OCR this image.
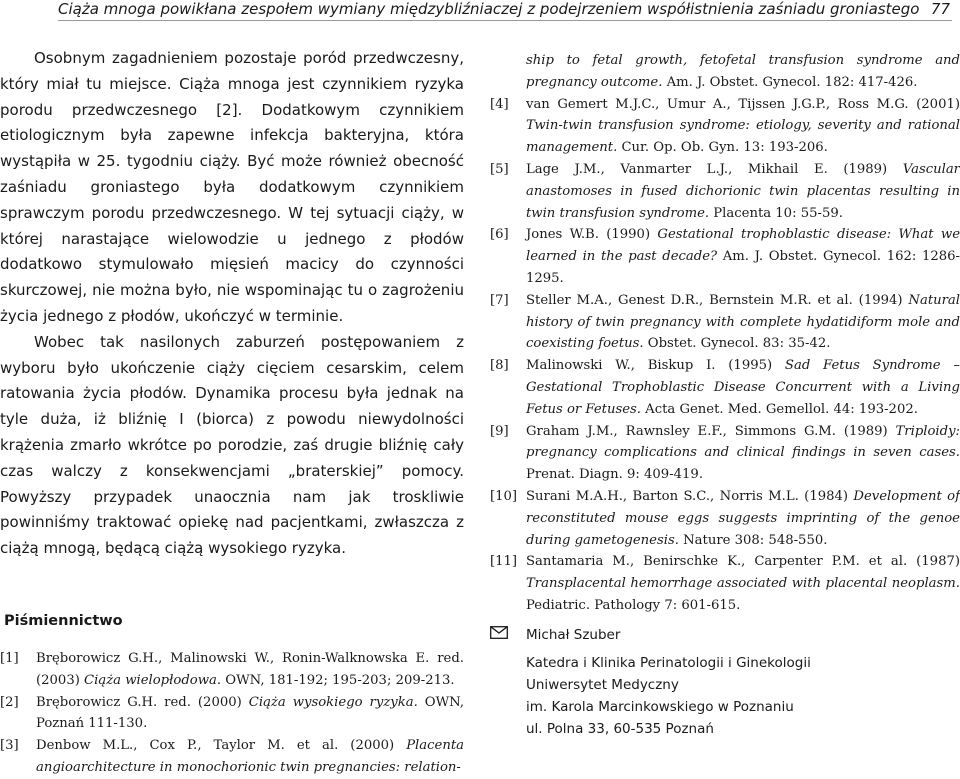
Ciąża mnoga powikłana zespołem wymiany międzybliźniaczej z podejrzeniem współistnienia zaśniadu groniastego 77

Osobnym zagadnieniem pozostaje poród przedwczesny, który miał tu miejsce. Ciąża mnoga jest czynnikiem ryzyka porodu przedwczesnego [2]. Dodatkowym czynnikiem etiologicznym była zapewne infekcja bakteryjna, która wystąpiła w 25. tygodniu ciąży. Być może również obecność zaśniadu groniastego była dodatkowym czynnikiem sprawczym porodu przedwczesnego. W tej sytuacji ciąży, w której narastające wielowodzie u jednego z płodów dodatkowo stymulowało mięsień macicy do czynności skurczowej, nie można było, nie wspominając tu o zagrożeniu życia jednego z płodów, ukończyć w terminie.

Wobec tak nasilonych zaburzeń postępowaniem z wyboru było ukończenie ciąży cięciem cesarskim, celem ratowania życia płodów. Dynamika procesu była jednak na tyle duża, iż bliźnię I (biorca) z powodu niewydolności krążenia zmarło wkrótce po porodzie, zaś drugie bliźnię cały czas walczy z konsekwencjami „braterskiej” pomocy. Powyższy przypadek unaocznia nam jak troskliwie powinniśmy traktować opiekę nad pacjentkami, zwłaszcza z ciążą mnogą, będącą ciążą wysokiego ryzyka.

Piśmiennictwo
[1] Bręborowicz G.H., Malinowski W., Ronin-Walknowska E. red. (2003) Ciąża wielopłodowa. OWN, 181-192; 195-203; 209-213.
[2] Bręborowicz G.H. red. (2000) Ciąża wysokiego ryzyka. OWN, Poznań 111-130.
[3] Denbow M.L., Cox P., Taylor M. et al. (2000) Placenta angioarchitecture in monochorionic twin pregnancies: relation-
ship to fetal growth, fetofetal transfusion syndrome and pregnancy outcome. Am. J. Obstet. Gynecol. 182: 417-426.
[4] van Gemert M.J.C., Umur A., Tijssen J.G.P., Ross M.G. (2001) Twin-twin transfusion syndrome: etiology, severity and rational management. Cur. Op. Ob. Gyn. 13: 193-206.
[5] Lage J.M., Vanmarter L.J., Mikhail E. (1989) Vascular anastomoses in fused dichorionic twin placentas resulting in twin transfusion syndrome. Placenta 10: 55-59.
[6] Jones W.B. (1990) Gestational trophoblastic disease: What we learned in the past decade? Am. J. Obstet. Gynecol. 162: 1286-1295.
[7] Steller M.A., Genest D.R., Bernstein M.R. et al. (1994) Natural history of twin pregnancy with complete hydatidiform mole and coexisting foetus. Obstet. Gynecol. 83: 35-42.
[8] Malinowski W., Biskup I. (1995) Sad Fetus Syndrome – Gestational Trophoblastic Disease Concurrent with a Living Fetus or Fetuses. Acta Genet. Med. Gemellol. 44: 193-202.
[9] Graham J.M., Rawnsley E.F., Simmons G.M. (1989) Triploidy: pregnancy complications and clinical findings in seven cases. Prenat. Diagn. 9: 409-419.
[10] Surani M.A.H., Barton S.C., Norris M.L. (1984) Development of reconstituted mouse eggs suggests imprinting of the genoe during gametogenesis. Nature 308: 548-550.
[11] Santamaria M., Benirschke K., Carpenter P.M. et al. (1987) Transplacental hemorrhage associated with placental neoplasm. Pediatric. Pathology 7: 601-615.
Michał Szuber
Katedra i Klinika Perinatologii i Ginekologii
Uniwersytet Medyczny
im. Karola Marcinkowskiego w Poznaniu
ul. Polna 33, 60-535 Poznań
